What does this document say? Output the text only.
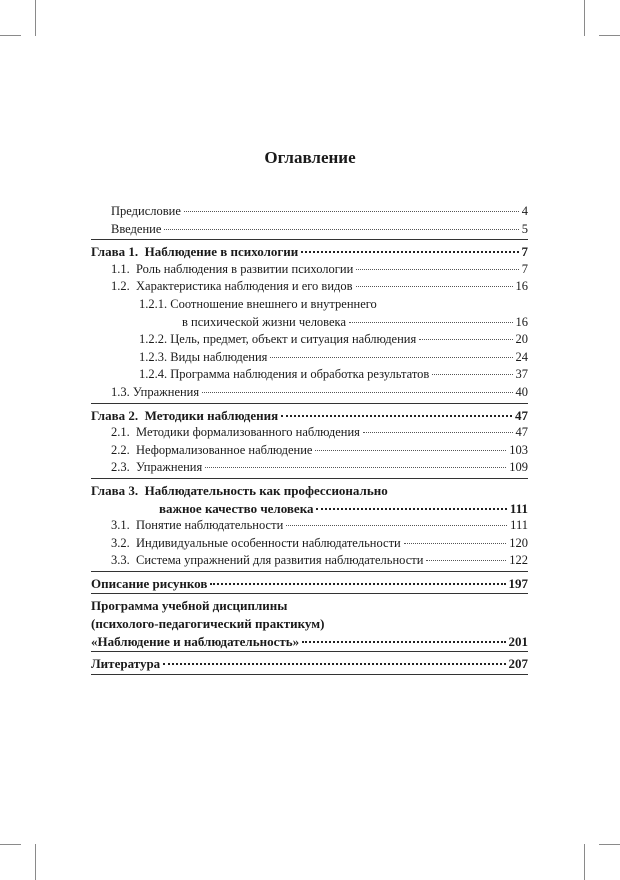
Оглавление
Предисловие	4
Введение	5
Глава 1.  Наблюдение в психологии	7
1.1.  Роль наблюдения в развитии психологии	7
1.2.  Характеристика наблюдения и его видов	16
1.2.1. Соотношение внешнего и внутреннего
в психической жизни человека	16
1.2.2. Цель, предмет, объект и ситуация наблюдения	20
1.2.3. Виды наблюдения	24
1.2.4. Программа наблюдения и обработка результатов	37
1.3. Упражнения	40
Глава 2.  Методики наблюдения	47
2.1.  Методики формализованного наблюдения	47
2.2.  Неформализованное наблюдение	103
2.3.  Упражнения	109
Глава 3.  Наблюдательность как профессионально
важное качество человека	111
3.1.  Понятие наблюдательности	111
3.2.  Индивидуальные особенности наблюдательности	120
3.3.  Система упражнений для развития наблюдательности	122
Описание рисунков	197
Программа учебной дисциплины
(психолого-педагогический практикум)
«Наблюдение и наблюдательность»	201
Литература	207
